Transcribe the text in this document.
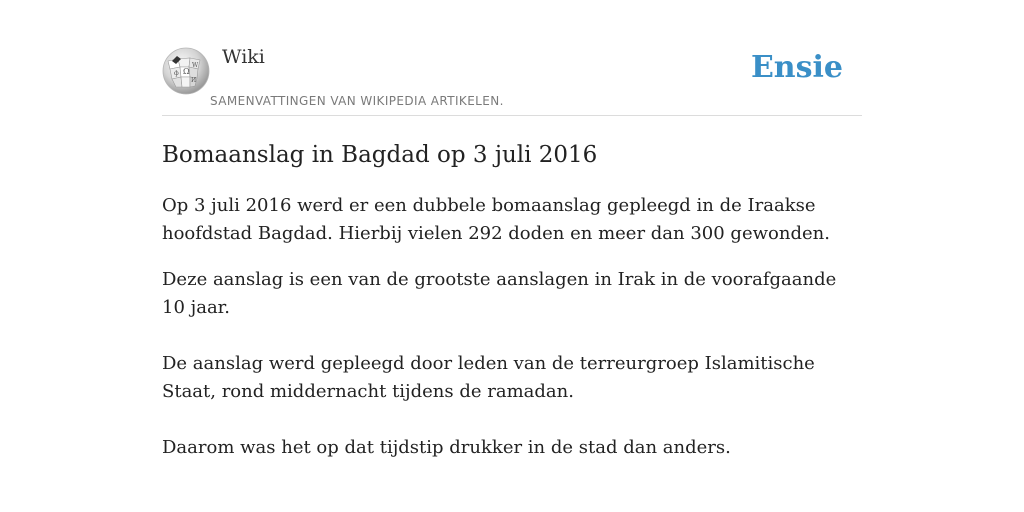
Ω
W
ф
И
Wiki
SAMENVATTINGEN VAN WIKIPEDIA ARTIKELEN.
Ensie
Bomaanslag in Bagdad op 3 juli 2016

Op 3 juli 2016 werd er een dubbele bomaanslag gepleegd in de Iraakse hoofdstad Bagdad. Hierbij vielen 292 doden en meer dan 300 gewonden.

Deze aanslag is een van de grootste aanslagen in Irak in de voorafgaande 10 jaar.

De aanslag werd gepleegd door leden van de terreurgroep Islamitische Staat, rond middernacht tijdens de ramadan.

Daarom was het op dat tijdstip drukker in de stad dan anders.
